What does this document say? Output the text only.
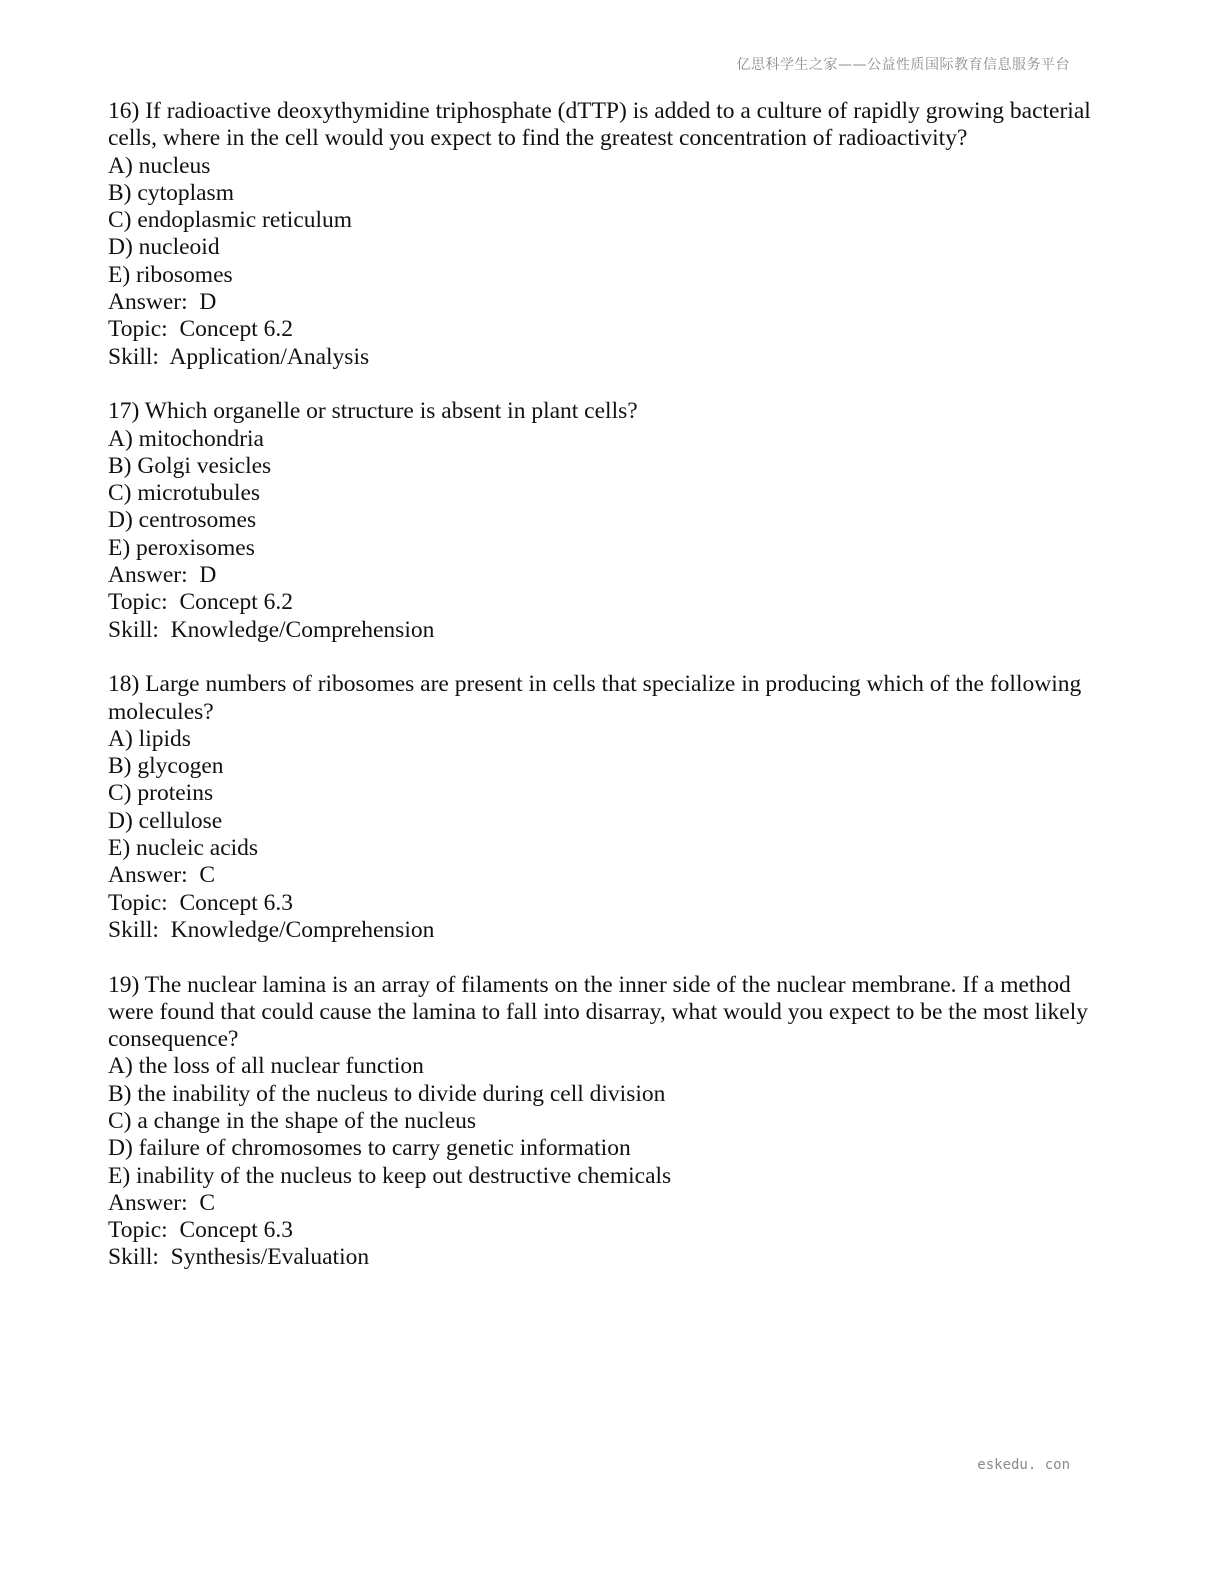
亿思科学生之家——公益性质国际教育信息服务平台
16) If radioactive deoxythymidine triphosphate (dTTP) is added to a culture of rapidly growing bacterial cells, where in the cell would you expect to find the greatest concentration of radioactivity?
A) nucleus
B) cytoplasm
C) endoplasmic reticulum
D) nucleoid
E) ribosomes
Answer:  D
Topic:  Concept 6.2
Skill:  Application/Analysis
17) Which organelle or structure is absent in plant cells?
A) mitochondria
B) Golgi vesicles
C) microtubules
D) centrosomes
E) peroxisomes
Answer:  D
Topic:  Concept 6.2
Skill:  Knowledge/Comprehension
18) Large numbers of ribosomes are present in cells that specialize in producing which of the following molecules?
A) lipids
B) glycogen
C) proteins
D) cellulose
E) nucleic acids
Answer:  C
Topic:  Concept 6.3
Skill:  Knowledge/Comprehension
19) The nuclear lamina is an array of filaments on the inner side of the nuclear membrane. If a method were found that could cause the lamina to fall into disarray, what would you expect to be the most likely consequence?
A) the loss of all nuclear function
B) the inability of the nucleus to divide during cell division
C) a change in the shape of the nucleus
D) failure of chromosomes to carry genetic information
E) inability of the nucleus to keep out destructive chemicals
Answer:  C
Topic:  Concept 6.3
Skill:  Synthesis/Evaluation
eskedu. con
